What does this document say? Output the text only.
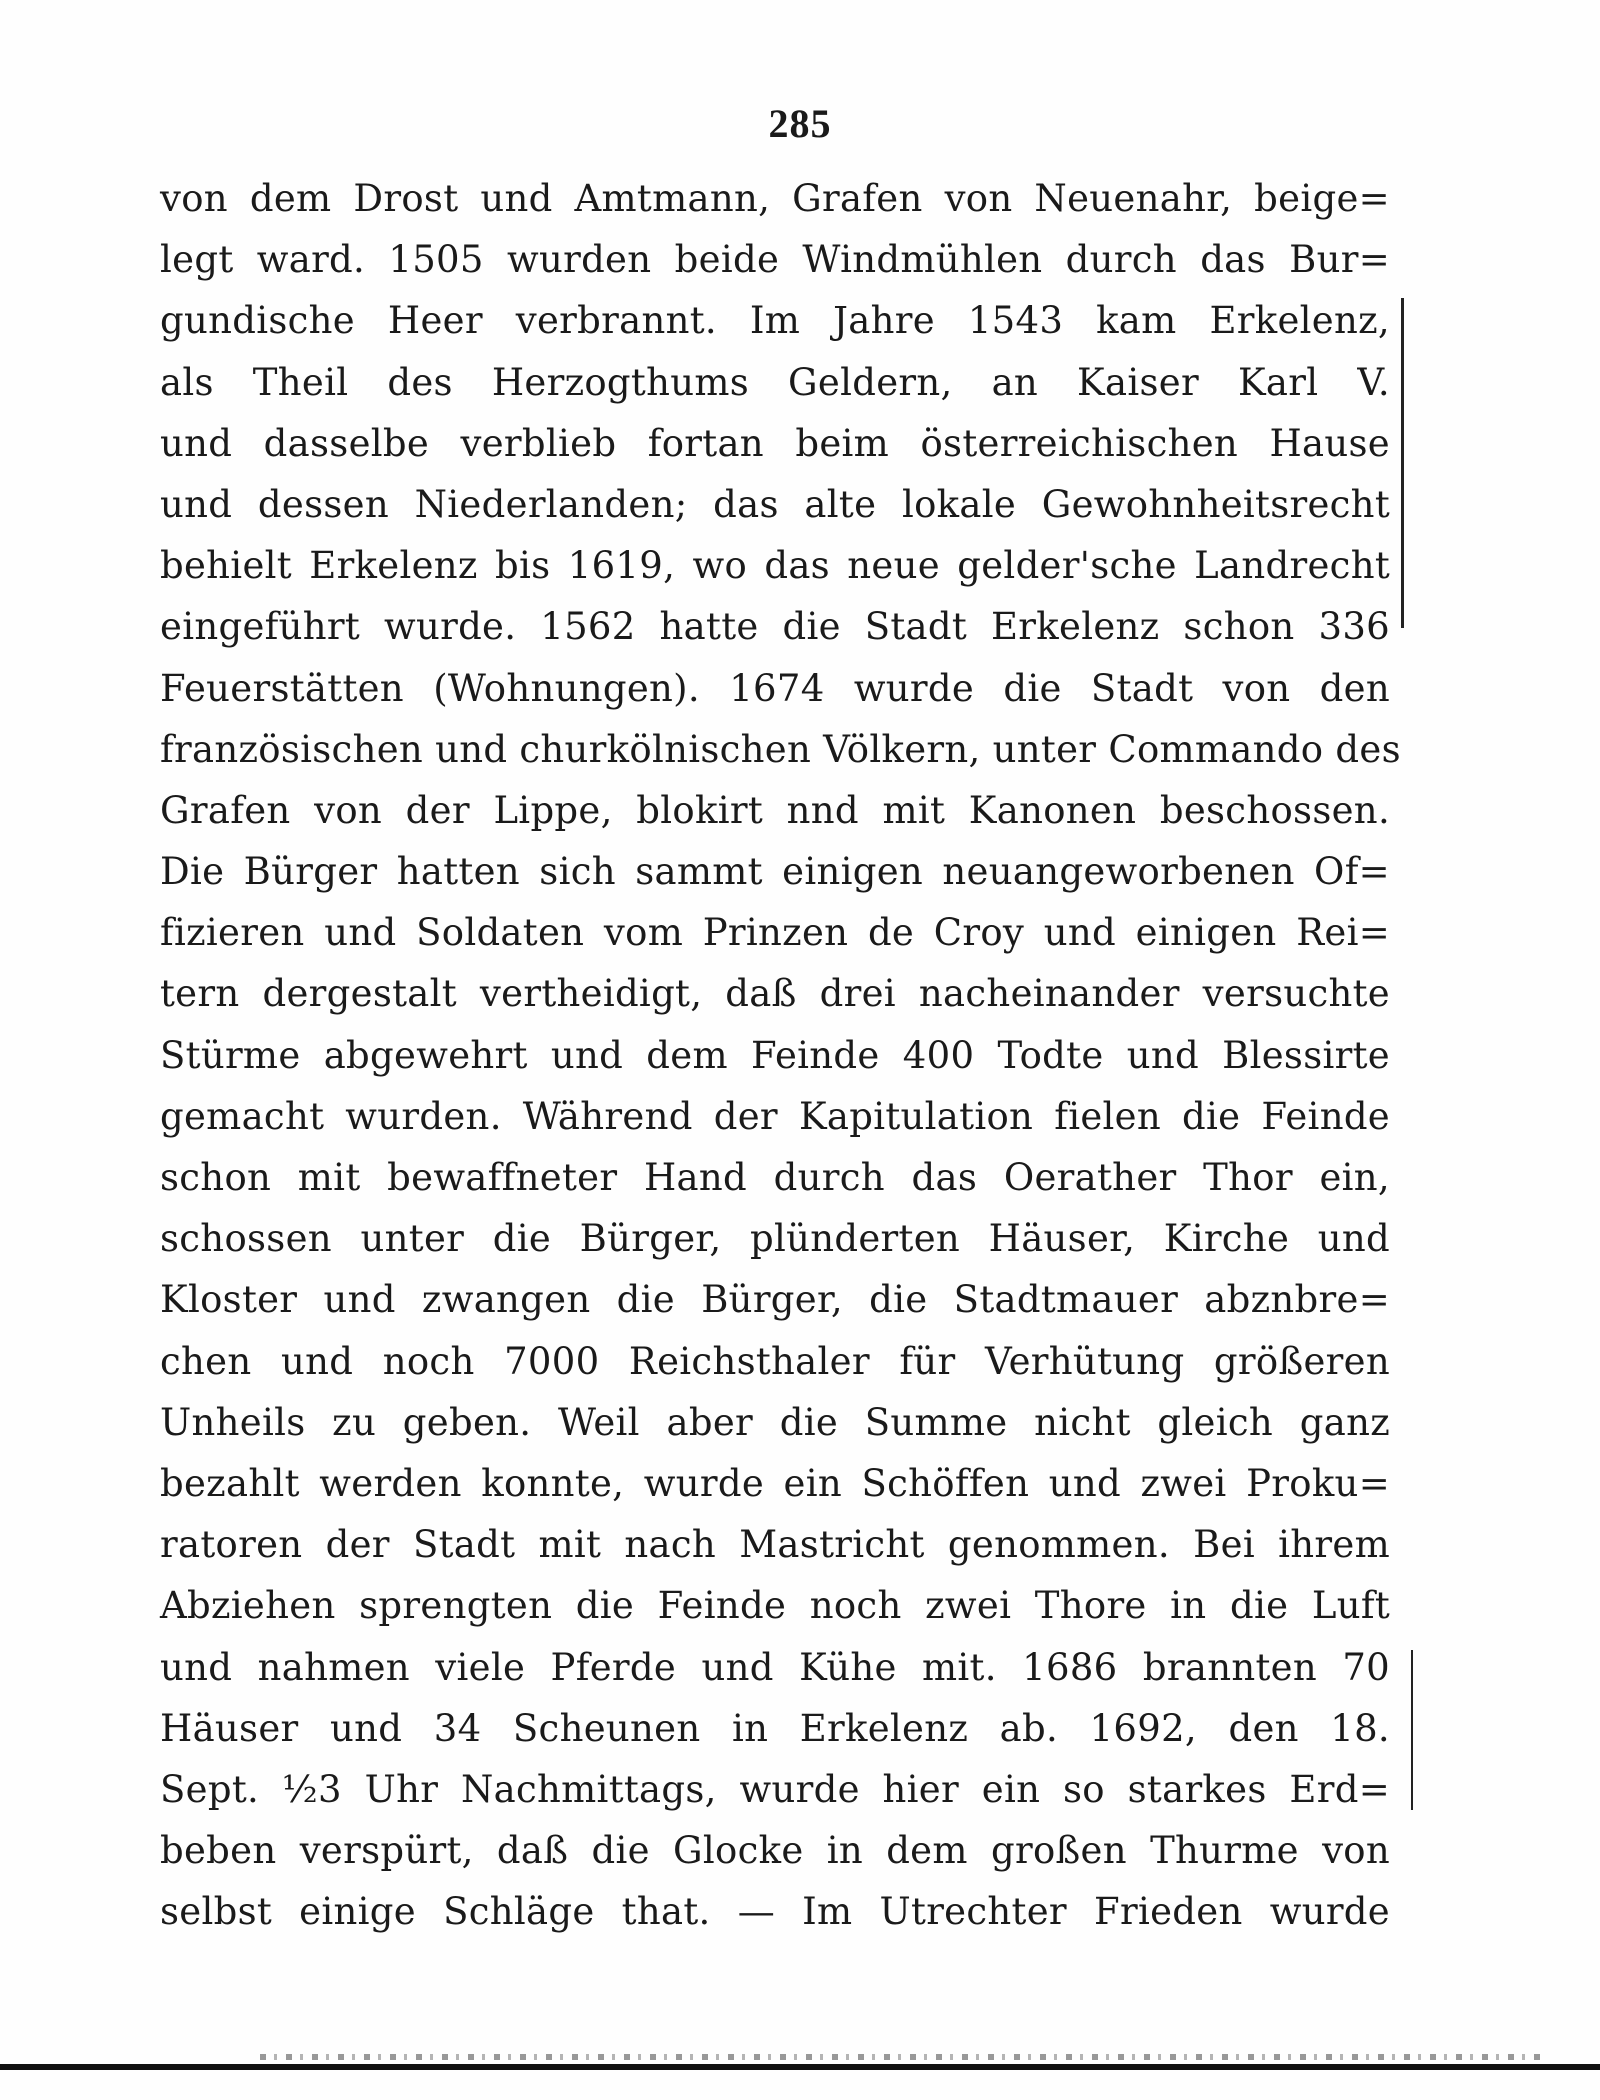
285
von dem Drost und Amtmann, Grafen von Neuenahr, beige=
legt ward. 1505 wurden beide Windmühlen durch das Bur=
gundische Heer verbrannt. Im Jahre 1543 kam Erkelenz,
als Theil des Herzogthums Geldern, an Kaiser Karl V.
und dasselbe verblieb fortan beim österreichischen Hause
und dessen Niederlanden; das alte lokale Gewohnheitsrecht
behielt Erkelenz bis 1619, wo das neue gelder'sche Landrecht
eingeführt wurde. 1562 hatte die Stadt Erkelenz schon 336
Feuerstätten (Wohnungen). 1674 wurde die Stadt von den
französischen und churkölnischen Völkern, unter Commando des
Grafen von der Lippe, blokirt nnd mit Kanonen beschossen.
Die Bürger hatten sich sammt einigen neuangeworbenen Of=
fizieren und Soldaten vom Prinzen de Croy und einigen Rei=
tern dergestalt vertheidigt, daß drei nacheinander versuchte
Stürme abgewehrt und dem Feinde 400 Todte und Blessirte
gemacht wurden. Während der Kapitulation fielen die Feinde
schon mit bewaffneter Hand durch das Oerather Thor ein,
schossen unter die Bürger, plünderten Häuser, Kirche und
Kloster und zwangen die Bürger, die Stadtmauer abznbre=
chen und noch 7000 Reichsthaler für Verhütung größeren
Unheils zu geben. Weil aber die Summe nicht gleich ganz
bezahlt werden konnte, wurde ein Schöffen und zwei Proku=
ratoren der Stadt mit nach Mastricht genommen. Bei ihrem
Abziehen sprengten die Feinde noch zwei Thore in die Luft
und nahmen viele Pferde und Kühe mit. 1686 brannten 70
Häuser und 34 Scheunen in Erkelenz ab. 1692, den 18.
Sept. ½3 Uhr Nachmittags, wurde hier ein so starkes Erd=
beben verspürt, daß die Glocke in dem großen Thurme von
selbst einige Schläge that. — Im Utrechter Frieden wurde
